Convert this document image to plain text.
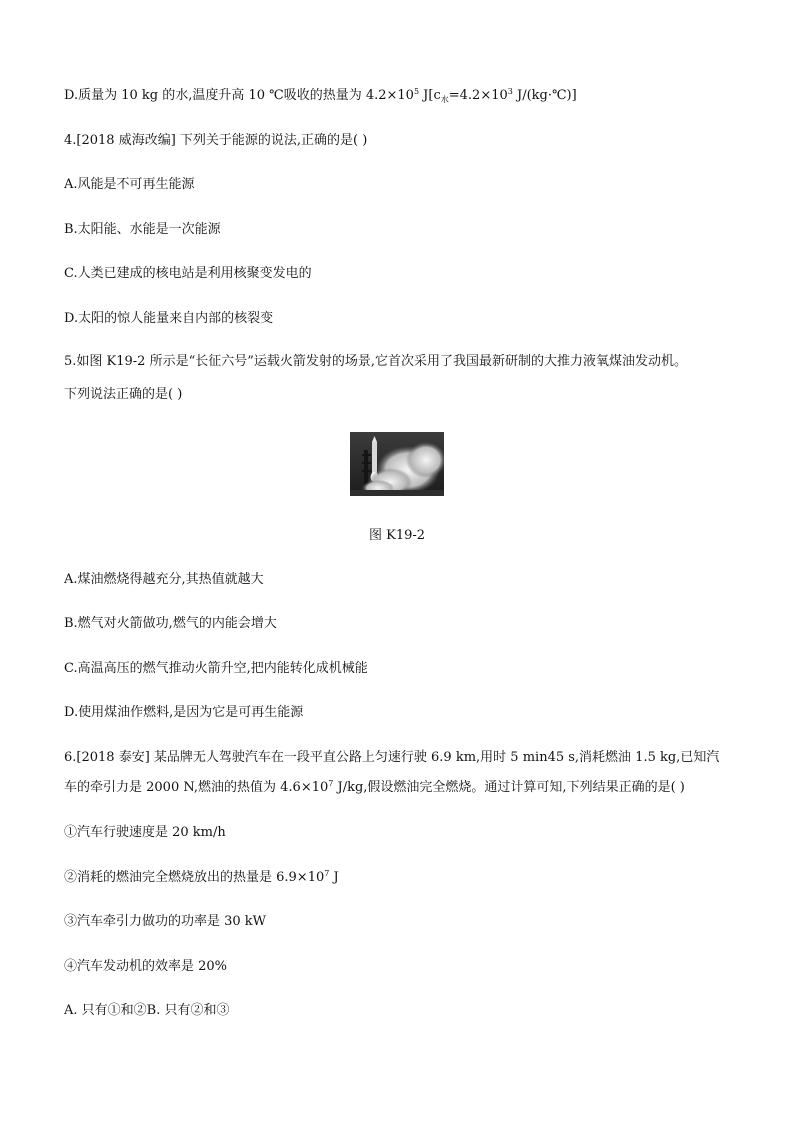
D.质量为 10 kg 的水,温度升高 10 ℃吸收的热量为 $4.2\times 10^5$ $J[c_水=4.2\times 10^3$ J/(kg·℃)]
4.[2018 威海改编] 下列关于能源的说法,正确的是( )
A.风能是不可再生能源
B.太阳能、水能是一次能源
C.人类已建成的核电站是利用核聚变发电的
D.太阳的惊人能量来自内部的核裂变
5.如图 K19-2 所示是“长征六号”运载火箭发射的场景,它首次采用了我国最新研制的大推力液氧煤油发动机。
下列说法正确的是( )
图 K19-2
A.煤油燃烧得越充分,其热值就越大
B.燃气对火箭做功,燃气的内能会增大
C.高温高压的燃气推动火箭升空,把内能转化成机械能
D.使用煤油作燃料,是因为它是可再生能源
6.[2018 泰安] 某品牌无人驾驶汽车在一段平直公路上匀速行驶 6.9 km,用时 5 min45 s,消耗燃油 1.5 kg,已知汽
车的牵引力是 2000 N,燃油的热值为 $4.6\times 10^7$ J/kg,假设燃油完全燃烧。通过计算可知,下列结果正确的是( )
①汽车行驶速度是 20 km/h
②消耗的燃油完全燃烧放出的热量是 $6.9\times 10^7$ J
③汽车牵引力做功的功率是 30 kW
④汽车发动机的效率是 20%
A. 只有①和②B. 只有②和③
